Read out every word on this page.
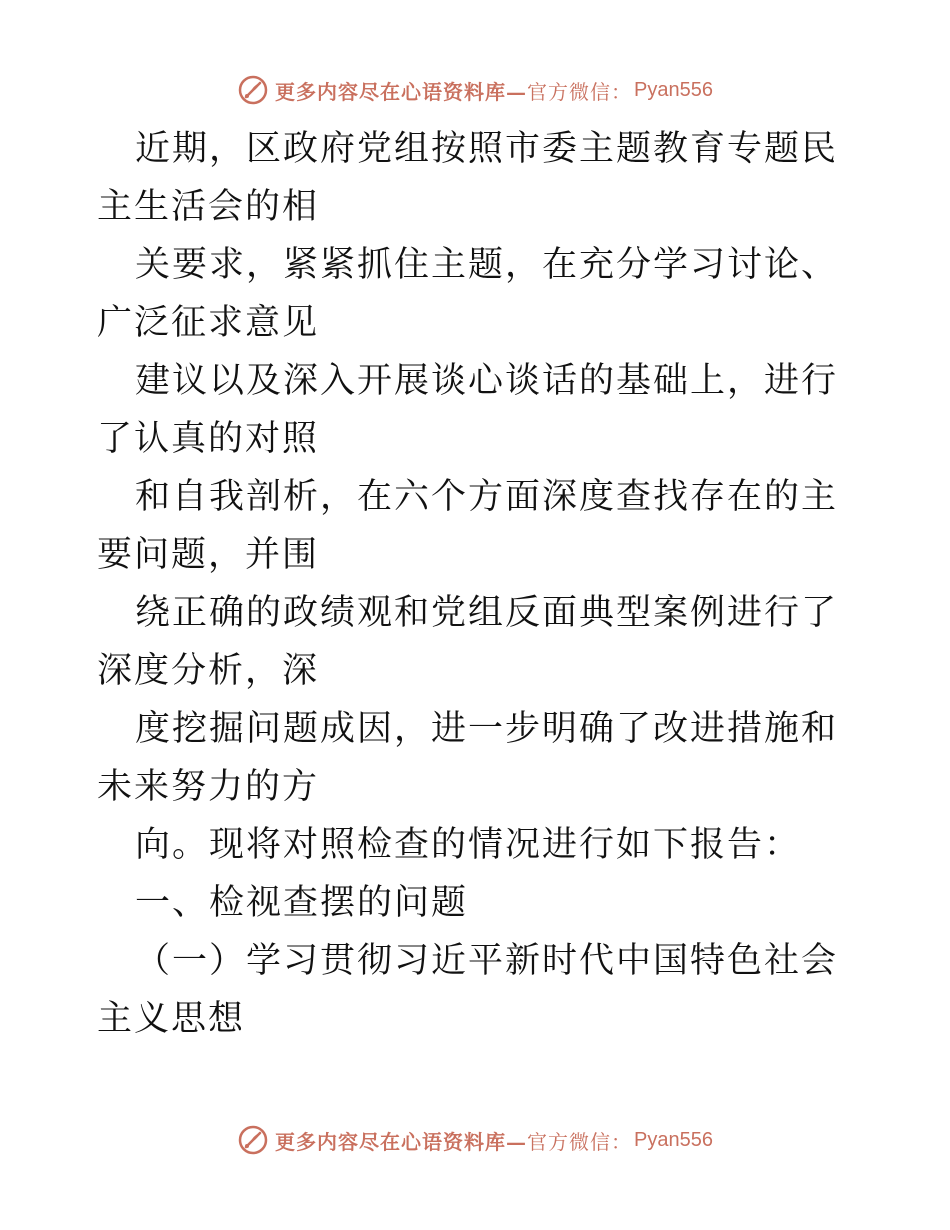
更多内容尽在心语资料库— 官方微信： Pyan556

近期，区政府党组按照市委主题教育专题民主生活会的相

关要求，紧紧抓住主题，在充分学习讨论、广泛征求意见

建议以及深入开展谈心谈话的基础上，进行了认真的对照

和自我剖析，在六个方面深度查找存在的主要问题，并围

绕正确的政绩观和党组反面典型案例进行了深度分析，深

度挖掘问题成因，进一步明确了改进措施和未来努力的方

向。现将对照检查的情况进行如下报告：

一、检视查摆的问题

（一）学习贯彻习近平新时代中国特色社会主义思想

更多内容尽在心语资料库— 官方微信： Pyan556
